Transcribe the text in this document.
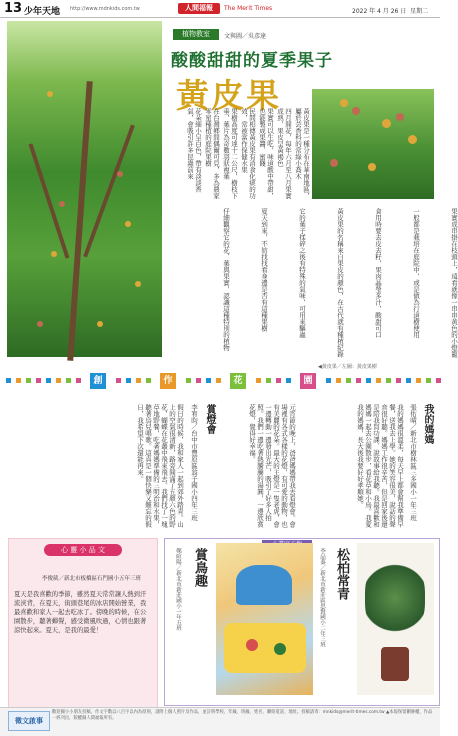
13 少年天地 http://www.mdnkids.com.tw	人間福報	The Merit Times	2022 年 4 月 26 日 星期二
植物教室	文與圖／吳彥達
酸酸甜甜的夏季果子
黃皮果
黃皮果是一種分布在華南地區，屬於芸香科的常綠小喬木
四月開花，每年六月至八月果實成熟，果皮呈黃褐色
果實可以生吃，味道酸中帶甜，也能製成果醬、蜜餞
民間相傳黃皮果有消食化痰的功效，常被當作保健水果
果樹高度可達十二公尺，樹枝下垂，葉片為奇數羽狀複葉
在台灣鄉間偶爾可見，多為農家零星種植的庭院果樹
花朵細小呈白色，帶有淡淡香氣，會吸引許多昆蟲前來
果實成串掛在枝頭上，遠看就像一串串黃色的小燈籠
一般都是栽培在庭院中，或是做為行道樹使用
食用時要去皮去籽，果肉晶瑩多汁，酸甜可口
黃皮果的名稱來自果皮的顏色，在古代就有種植紀錄
它的葉子揉碎之後有特殊的氣味，可用來驅蟲
夏天到來，不妨找找看身邊是否有這種果樹
仔細觀察它的花、葉與果實，認識這種特別的植物
◀黃皮果／左圖：黃皮果樹
創	作	花	園
我的媽媽
張佑晴／新北市樹林區三多國小一年三班
我的媽媽很溫柔，每天早上都會幫我準備早餐，送我去上學。她的笑容很美，說話的聲音很好聽。媽媽工作很辛苦，但是回家後還是陪我寫功課、說故事給我聽。我最喜歡和媽媽一起去公園散步，看花草和小鳥。我愛我的媽媽，長大後我要好好孝順她。
賞燈會
李宥昀／台中市豐原區翁子國小四年三班	元宵節的晚上，爸爸媽媽帶我去看燈會。會場裡有各式各樣的花燈，有可愛的動物，也有美麗的花朵。最大的主燈是一隻老虎，會一邊轉動一邊發出光芒，吸引了好多人拍照。我們一邊吃著熱騰騰的湯圓，一邊欣賞花燈，覺得好幸福。
假日的時候，我和家人一起到郊外踏青。山上的空氣很清新，路旁開滿了五顏六色的野花，蝴蝶在花叢中飛來飛去。我們找了一塊草地野餐，吃著媽媽準備的三明治和水果，聽著鳥兒唱歌。這真是一個快樂又難忘的假日，我希望下次還能再來。
心 靈 小 品 文
李俊葳／新北市板橋區石門國小五年三班
夏天是我喜歡的季節，雖然夏天常常讓人熱到汗流浹背，在夏天，街頭巷尾的冰店開始營業，我最喜歡和家人一起去吃冰了。傍晚的時候，在公園散步，聽著蟬聲，感受微風吹過，心情也跟著涼快起來。夏天，是我的最愛！
賞鳥趣
鄭暄陽／新北市新莊國小一年五班	松柏常青
李品蓁／新北市新莊區思賢國小二年三班
徵文啟事
歡迎國小小朋友投稿，作文字數以八百字以內為原則，請附上個人照片及作品，並註明學校、年級、班級、姓名、聯絡電話、地址。投稿請寄：mnkids@merit-times.com.tw ▲本報保留刪修權，作品一經刊出，版權歸人間福報所有。
